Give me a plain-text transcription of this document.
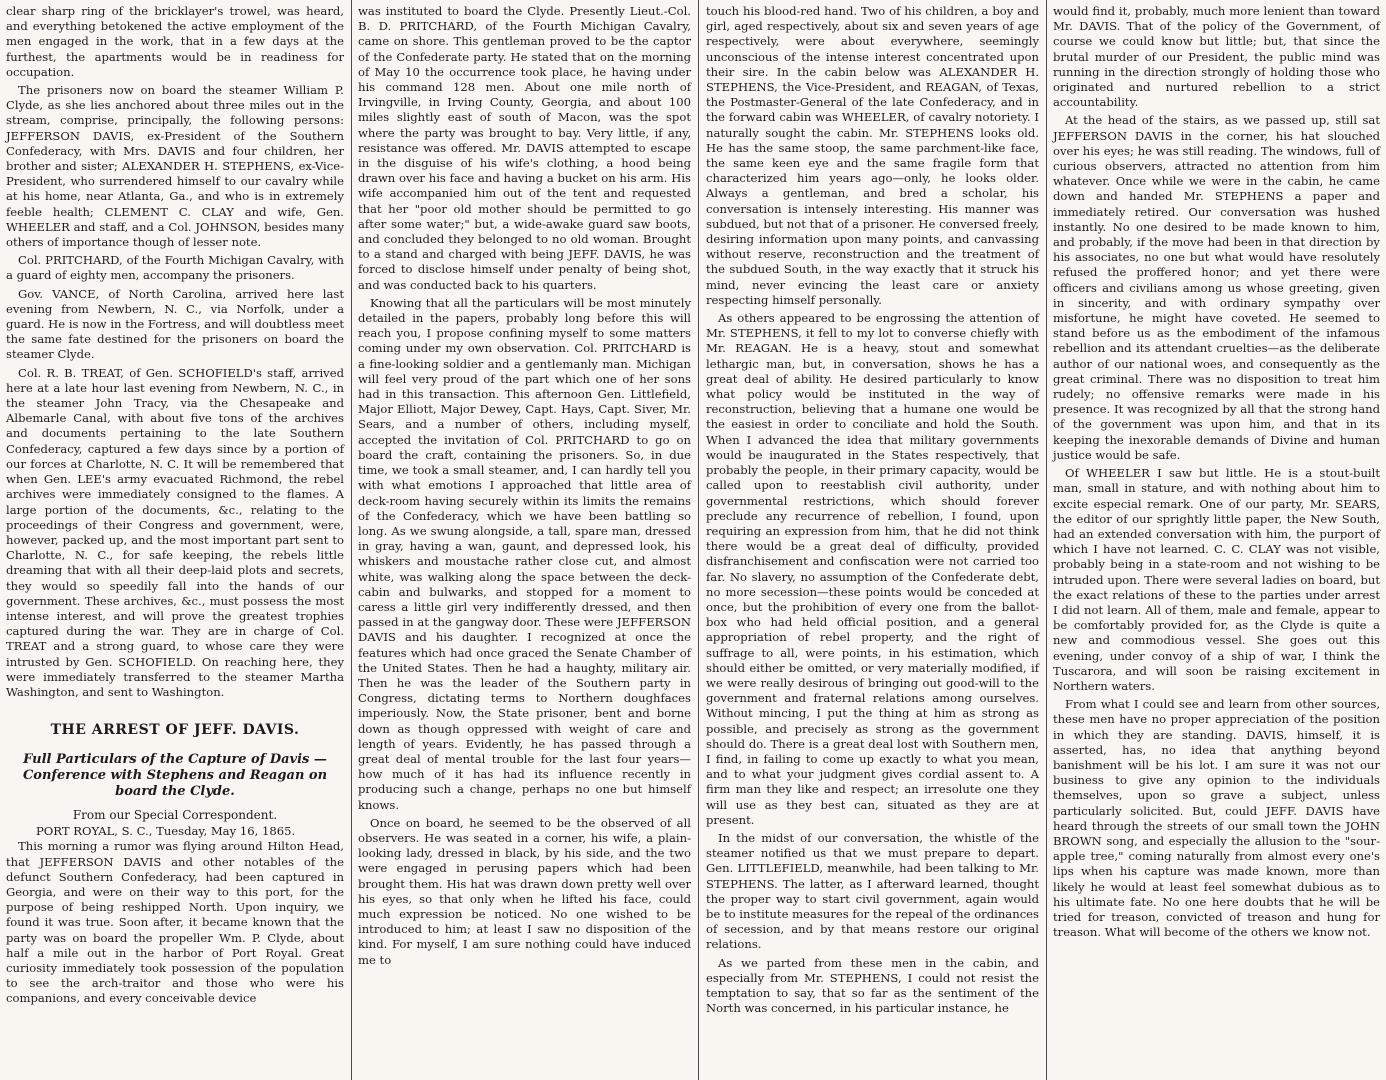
clear sharp ring of the bricklayer's trowel, was heard, and everything betokened the active employment of the men engaged in the work, that in a few days at the furthest, the apartments would be in readiness for occupation.

The prisoners now on board the steamer William P. Clyde, as she lies anchored about three miles out in the stream, comprise, principally, the following persons: JEFFERSON DAVIS, ex-President of the Southern Confederacy, with Mrs. DAVIS and four children, her brother and sister; ALEXANDER H. STEPHENS, ex-Vice-President, who surrendered himself to our cavalry while at his home, near Atlanta, Ga., and who is in extremely feeble health; CLEMENT C. CLAY and wife, Gen. WHEELER and staff, and a Col. JOHNSON, besides many others of importance though of lesser note.

Col. PRITCHARD, of the Fourth Michigan Cavalry, with a guard of eighty men, accompany the prisoners.

Gov. VANCE, of North Carolina, arrived here last evening from Newbern, N. C., via Norfolk, under a guard. He is now in the Fortress, and will doubtless meet the same fate destined for the prisoners on board the steamer Clyde.

Col. R. B. TREAT, of Gen. SCHOFIELD's staff, arrived here at a late hour last evening from Newbern, N. C., in the steamer John Tracy, via the Chesapeake and Albemarle Canal, with about five tons of the archives and documents pertaining to the late Southern Confederacy, captured a few days since by a portion of our forces at Charlotte, N. C. It will be remembered that when Gen. LEE's army evacuated Richmond, the rebel archives were immediately consigned to the flames. A large portion of the documents, &c., relating to the proceedings of their Congress and government, were, however, packed up, and the most important part sent to Charlotte, N. C., for safe keeping, the rebels little dreaming that with all their deep-laid plots and secrets, they would so speedily fall into the hands of our government. These archives, &c., must possess the most intense interest, and will prove the greatest trophies captured during the war. They are in charge of Col. TREAT and a strong guard, to whose care they were intrusted by Gen. SCHOFIELD. On reaching here, they were immediately transferred to the steamer Martha Washington, and sent to Washington.

THE ARREST OF JEFF. DAVIS.
Full Particulars of the Capture of Davis —Conference with Stephens and Reagan on board the Clyde.
From our Special Correspondent.

PORT ROYAL, S. C., Tuesday, May 16, 1865.

This morning a rumor was flying around Hilton Head, that JEFFERSON DAVIS and other notables of the defunct Southern Confederacy, had been captured in Georgia, and were on their way to this port, for the purpose of being reshipped North. Upon inquiry, we found it was true. Soon after, it became known that the party was on board the propeller Wm. P. Clyde, about half a mile out in the harbor of Port Royal. Great curiosity immediately took possession of the population to see the arch-traitor and those who were his companions, and every conceivable device

was instituted to board the Clyde. Presently Lieut.-Col. B. D. PRITCHARD, of the Fourth Michigan Cavalry, came on shore. This gentleman proved to be the captor of the Confederate party. He stated that on the morning of May 10 the occurrence took place, he having under his command 128 men. About one mile north of Irvingville, in Irving County, Georgia, and about 100 miles slightly east of south of Macon, was the spot where the party was brought to bay. Very little, if any, resistance was offered. Mr. DAVIS attempted to escape in the disguise of his wife's clothing, a hood being drawn over his face and having a bucket on his arm. His wife accompanied him out of the tent and requested that her "poor old mother should be permitted to go after some water;" but, a wide-awake guard saw boots, and concluded they belonged to no old woman. Brought to a stand and charged with being JEFF. DAVIS, he was forced to disclose himself under penalty of being shot, and was conducted back to his quarters.

Knowing that all the particulars will be most minutely detailed in the papers, probably long before this will reach you, I propose confining myself to some matters coming under my own observation. Col. PRITCHARD is a fine-looking soldier and a gentlemanly man. Michigan will feel very proud of the part which one of her sons had in this transaction. This afternoon Gen. Littlefield, Major Elliott, Major Dewey, Capt. Hays, Capt. Siver, Mr. Sears, and a number of others, including myself, accepted the invitation of Col. PRITCHARD to go on board the craft, containing the prisoners. So, in due time, we took a small steamer, and, I can hardly tell you with what emotions I approached that little area of deck-room having securely within its limits the remains of the Confederacy, which we have been battling so long. As we swung alongside, a tall, spare man, dressed in gray, having a wan, gaunt, and depressed look, his whiskers and moustache rather close cut, and almost white, was walking along the space between the deck-cabin and bulwarks, and stopped for a moment to caress a little girl very indifferently dressed, and then passed in at the gangway door. These were JEFFERSON DAVIS and his daughter. I recognized at once the features which had once graced the Senate Chamber of the United States. Then he had a haughty, military air. Then he was the leader of the Southern party in Congress, dictating terms to Northern doughfaces imperiously. Now, the State prisoner, bent and borne down as though oppressed with weight of care and length of years. Evidently, he has passed through a great deal of mental trouble for the last four years—how much of it has had its influence recently in producing such a change, perhaps no one but himself knows.

Once on board, he seemed to be the observed of all observers. He was seated in a corner, his wife, a plain-looking lady, dressed in black, by his side, and the two were engaged in perusing papers which had been brought them. His hat was drawn down pretty well over his eyes, so that only when he lifted his face, could much expression be noticed. No one wished to be introduced to him; at least I saw no disposition of the kind. For myself, I am sure nothing could have induced me to

touch his blood-red hand. Two of his children, a boy and girl, aged respectively, about six and seven years of age respectively, were about everywhere, seemingly unconscious of the intense interest concentrated upon their sire. In the cabin below was ALEXANDER H. STEPHENS, the Vice-President, and REAGAN, of Texas, the Postmaster-General of the late Confederacy, and in the forward cabin was WHEELER, of cavalry notoriety. I naturally sought the cabin. Mr. STEPHENS looks old. He has the same stoop, the same parchment-like face, the same keen eye and the same fragile form that characterized him years ago—only, he looks older. Always a gentleman, and bred a scholar, his conversation is intensely interesting. His manner was subdued, but not that of a prisoner. He conversed freely, desiring information upon many points, and canvassing without reserve, reconstruction and the treatment of the subdued South, in the way exactly that it struck his mind, never evincing the least care or anxiety respecting himself personally.

As others appeared to be engrossing the attention of Mr. STEPHENS, it fell to my lot to converse chiefly with Mr. REAGAN. He is a heavy, stout and somewhat lethargic man, but, in conversation, shows he has a great deal of ability. He desired particularly to know what policy would be instituted in the way of reconstruction, believing that a humane one would be the easiest in order to conciliate and hold the South. When I advanced the idea that military governments would be inaugurated in the States respectively, that probably the people, in their primary capacity, would be called upon to reestablish civil authority, under governmental restrictions, which should forever preclude any recurrence of rebellion, I found, upon requiring an expression from him, that he did not think there would be a great deal of difficulty, provided disfranchisement and confiscation were not carried too far. No slavery, no assumption of the Confederate debt, no more secession—these points would be conceded at once, but the prohibition of every one from the ballot-box who had held official position, and a general appropriation of rebel property, and the right of suffrage to all, were points, in his estimation, which should either be omitted, or very materially modified, if we were really desirous of bringing out good-will to the government and fraternal relations among ourselves. Without mincing, I put the thing at him as strong as possible, and precisely as strong as the government should do. There is a great deal lost with Southern men, I find, in failing to come up exactly to what you mean, and to what your judgment gives cordial assent to. A firm man they like and respect; an irresolute one they will use as they best can, situated as they are at present.

In the midst of our conversation, the whistle of the steamer notified us that we must prepare to depart. Gen. LITTLEFIELD, meanwhile, had been talking to Mr. STEPHENS. The latter, as I afterward learned, thought the proper way to start civil government, again would be to institute measures for the repeal of the ordinances of secession, and by that means restore our original relations.

As we parted from these men in the cabin, and especially from Mr. STEPHENS, I could not resist the temptation to say, that so far as the sentiment of the North was concerned, in his particular instance, he

would find it, probably, much more lenient than toward Mr. DAVIS. That of the policy of the Government, of course we could know but little; but, that since the brutal murder of our President, the public mind was running in the direction strongly of holding those who originated and nurtured rebellion to a strict accountability.

At the head of the stairs, as we passed up, still sat JEFFERSON DAVIS in the corner, his hat slouched over his eyes; he was still reading. The windows, full of curious observers, attracted no attention from him whatever. Once while we were in the cabin, he came down and handed Mr. STEPHENS a paper and immediately retired. Our conversation was hushed instantly. No one desired to be made known to him, and probably, if the move had been in that direction by his associates, no one but what would have resolutely refused the proffered honor; and yet there were officers and civilians among us whose greeting, given in sincerity, and with ordinary sympathy over misfortune, he might have coveted. He seemed to stand before us as the embodiment of the infamous rebellion and its attendant cruelties—as the deliberate author of our national woes, and consequently as the great criminal. There was no disposition to treat him rudely; no offensive remarks were made in his presence. It was recognized by all that the strong hand of the government was upon him, and that in its keeping the inexorable demands of Divine and human justice would be safe.

Of WHEELER I saw but little. He is a stout-built man, small in stature, and with nothing about him to excite especial remark. One of our party, Mr. SEARS, the editor of our sprightly little paper, the New South, had an extended conversation with him, the purport of which I have not learned. C. C. CLAY was not visible, probably being in a state-room and not wishing to be intruded upon. There were several ladies on board, but the exact relations of these to the parties under arrest I did not learn. All of them, male and female, appear to be comfortably provided for, as the Clyde is quite a new and commodious vessel. She goes out this evening, under convoy of a ship of war, I think the Tuscarora, and will soon be raising excitement in Northern waters.

From what I could see and learn from other sources, these men have no proper appreciation of the position in which they are standing. DAVIS, himself, it is asserted, has, no idea that anything beyond banishment will be his lot. I am sure it was not our business to give any opinion to the individuals themselves, upon so grave a subject, unless particularly solicited. But, could JEFF. DAVIS have heard through the streets of our small town the JOHN BROWN song, and especially the allusion to the "sour-apple tree," coming naturally from almost every one's lips when his capture was made known, more than likely he would at least feel somewhat dubious as to his ultimate fate. No one here doubts that he will be tried for treason, convicted of treason and hung for treason. What will become of the others we know not.
